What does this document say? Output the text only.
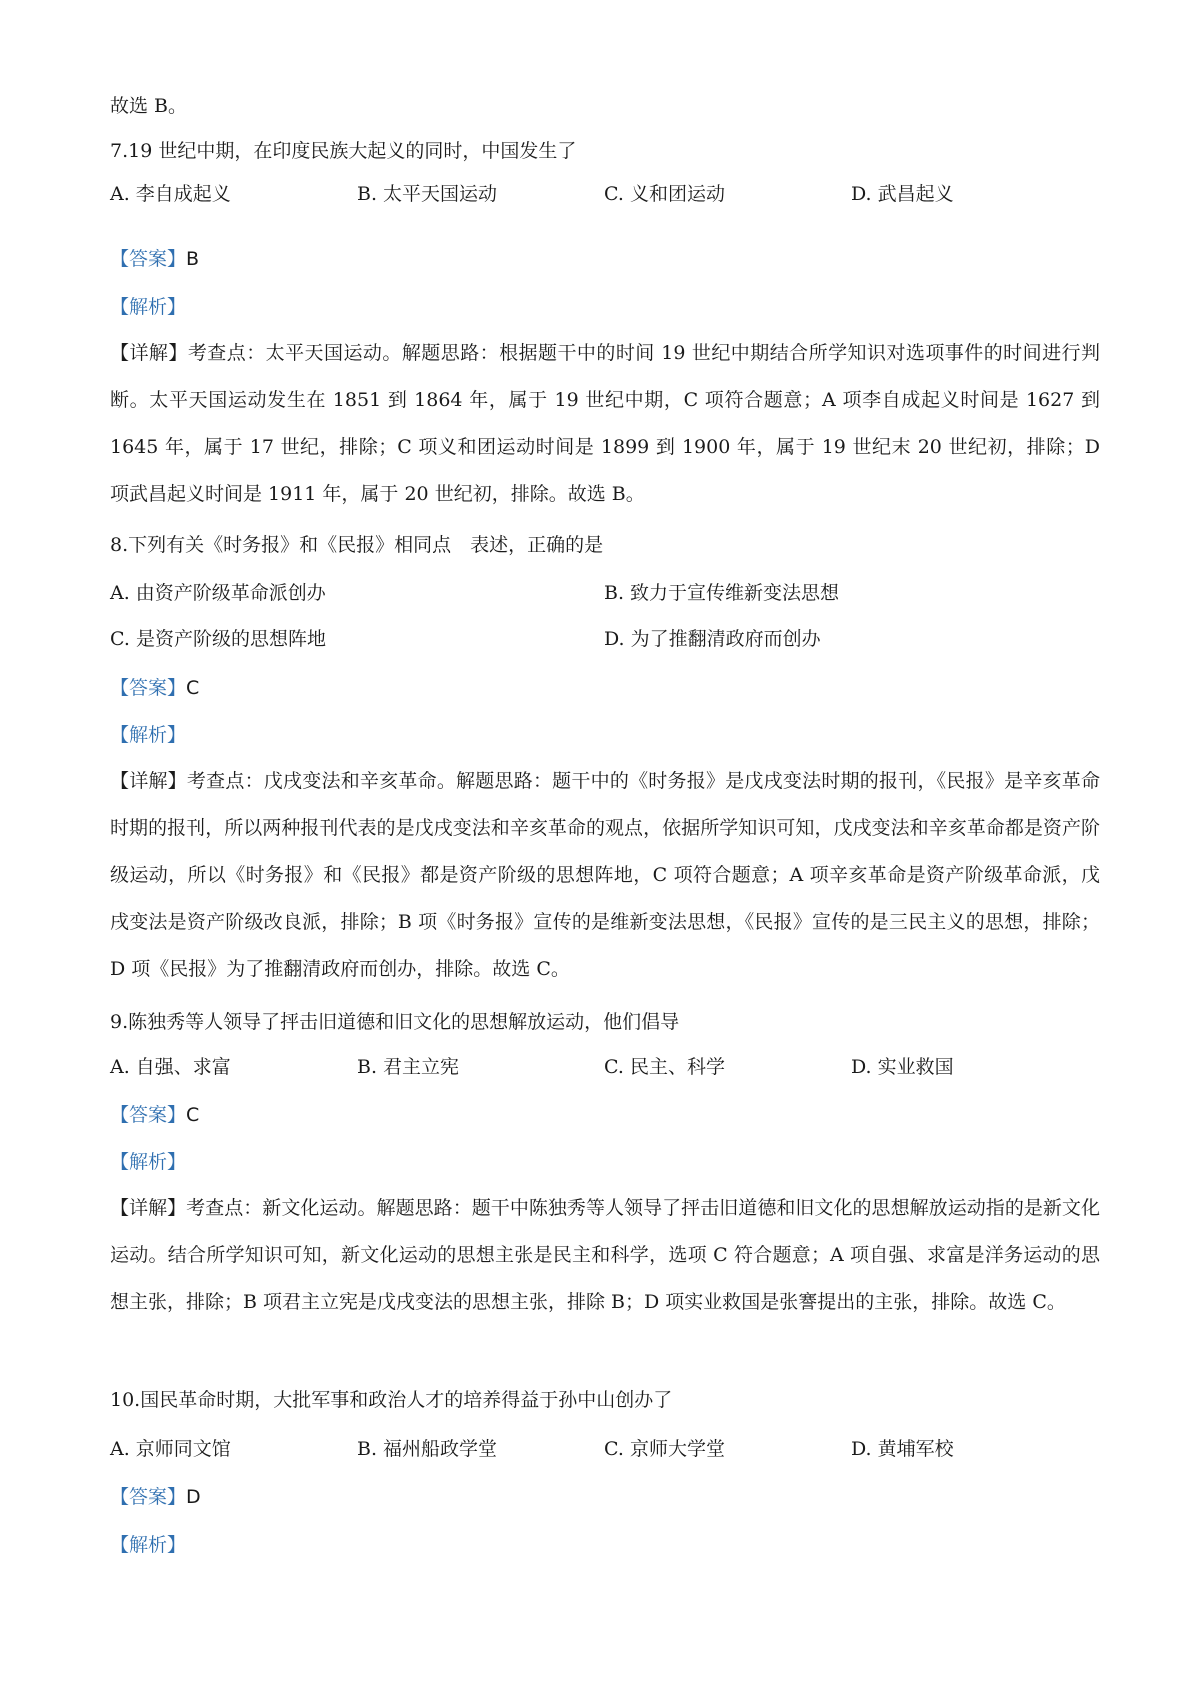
故选 B。
7.19 世纪中期，在印度民族大起义的同时，中国发生了
A. 李自成起义	B. 太平天国运动	C. 义和团运动	D. 武昌起义
【答案】B
【解析】
【详解】考查点：太平天国运动。解题思路：根据题干中的时间 19 世纪中期结合所学知识对选项事件的时间进行判断。太平天国运动发生在 1851 到 1864 年，属于 19 世纪中期，C 项符合题意；A 项李自成起义时间是 1627 到 1645 年，属于 17 世纪，排除；C 项义和团运动时间是 1899 到 1900 年，属于 19 世纪末 20 世纪初，排除；D 项武昌起义时间是 1911 年，属于 20 世纪初，排除。故选 B。
8.下列有关《时务报》和《民报》相同点　表述，正确的是
A. 由资产阶级革命派创办	B. 致力于宣传维新变法思想
C. 是资产阶级的思想阵地	D. 为了推翻清政府而创办
【答案】C
【解析】
【详解】考查点：戊戌变法和辛亥革命。解题思路：题干中的《时务报》是戊戌变法时期的报刊，《民报》是辛亥革命时期的报刊，所以两种报刊代表的是戊戌变法和辛亥革命的观点，依据所学知识可知，戊戌变法和辛亥革命都是资产阶级运动，所以《时务报》和《民报》都是资产阶级的思想阵地，C 项符合题意；A 项辛亥革命是资产阶级革命派，戊戌变法是资产阶级改良派，排除；B 项《时务报》宣传的是维新变法思想，《民报》宣传的是三民主义的思想，排除；D 项《民报》为了推翻清政府而创办，排除。故选 C。
9.陈独秀等人领导了抨击旧道德和旧文化的思想解放运动，他们倡导
A. 自强、求富	B. 君主立宪	C. 民主、科学	D. 实业救国
【答案】C
【解析】
【详解】考查点：新文化运动。解题思路：题干中陈独秀等人领导了抨击旧道德和旧文化的思想解放运动指的是新文化运动。结合所学知识可知，新文化运动的思想主张是民主和科学，选项 C 符合题意；A 项自强、求富是洋务运动的思想主张，排除；B 项君主立宪是戊戌变法的思想主张，排除 B；D 项实业救国是张謇提出的主张，排除。故选 C。
10.国民革命时期，大批军事和政治人才的培养得益于孙中山创办了
A. 京师同文馆	B. 福州船政学堂	C. 京师大学堂	D. 黄埔军校
【答案】D
【解析】
